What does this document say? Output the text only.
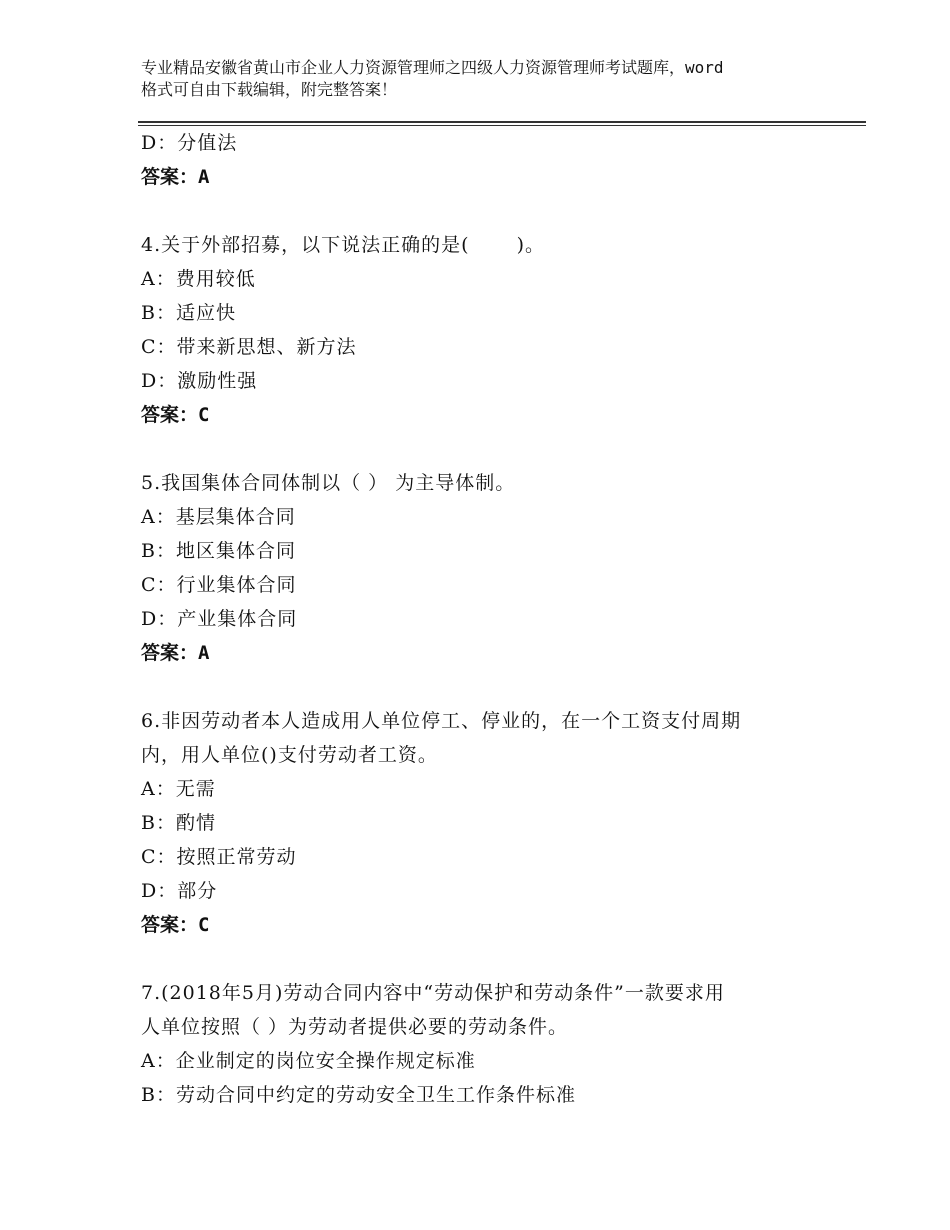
专业精品安徽省黄山市企业人力资源管理师之四级人力资源管理师考试题库，word
格式可自由下载编辑，附完整答案！
D：分值法
答案：A
4.关于外部招募，以下说法正确的是(　　 )。
A：费用较低
B：适应快
C：带来新思想、新方法
D：激励性强
答案：C
5.我国集体合同体制以（ ） 为主导体制。
A：基层集体合同
B：地区集体合同
C：行业集体合同
D：产业集体合同
答案：A
6.非因劳动者本人造成用人单位停工、停业的，在一个工资支付周期
内，用人单位()支付劳动者工资。
A：无需
B：酌情
C：按照正常劳动
D：部分
答案：C
7.(2018年5月)劳动合同内容中“劳动保护和劳动条件”一款要求用
人单位按照（ ）为劳动者提供必要的劳动条件。
A：企业制定的岗位安全操作规定标准
B：劳动合同中约定的劳动安全卫生工作条件标准
